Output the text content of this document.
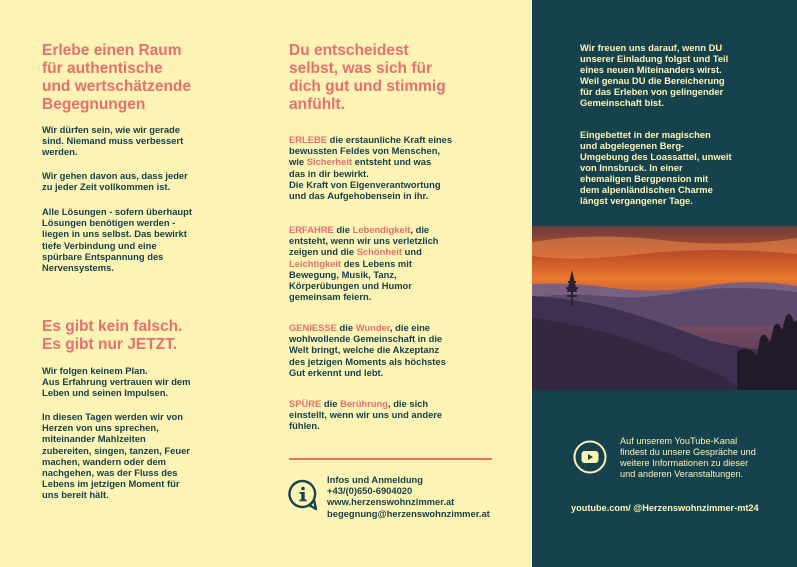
Erlebe einen Raum
für authentische
und wertschätzende
Begegnungen

Wir dürfen sein, wie wir gerade
sind. Niemand muss verbessert
werden.

Wir gehen davon aus, dass jeder
zu jeder Zeit vollkommen ist.

Alle Lösungen - sofern überhaupt
Lösungen benötigen werden -
liegen in uns selbst. Das bewirkt
tiefe Verbindung und eine
spürbare Entspannung des
Nervensystems.

Es gibt kein falsch.
Es gibt nur JETZT.

Wir folgen keinem Plan.
Aus Erfahrung vertrauen wir dem
Leben und seinen Impulsen.

In diesen Tagen werden wir von
Herzen von uns sprechen,
miteinander Mahlzeiten
zubereiten, singen, tanzen, Feuer
machen, wandern oder dem
nachgehen, was der Fluss des
Lebens im jetzigen Moment für
uns bereit hält.

Du entscheidest
selbst, was sich für
dich gut und stimmig
anfühlt.

ERLEBE die erstaunliche Kraft eines
bewussten Feldes von Menschen,
wie Sicherheit entsteht und was
das in dir bewirkt.
Die Kraft von Eigenverantwortung
und das Aufgehobensein in ihr.

ERFAHRE die Lebendigkeit, die
entsteht, wenn wir uns verletzlich
zeigen und die Schönheit und
Leichtigkeit des Lebens mit
Bewegung, Musik, Tanz,
Körperübungen und Humor
gemeinsam feiern.

GENIESSE die Wunder, die eine
wohlwollende Gemeinschaft in die
Welt bringt, welche die Akzeptanz
des jetzigen Moments als höchstes
Gut erkennt und lebt.

SPÜRE die Berührung, die sich
einstellt, wenn wir uns und andere
fühlen.

Infos und Anmeldung
+43/(0)650-6904020
www.herzenswohnzimmer.at
begegnung@herzenswohnzimmer.at

Wir freuen uns darauf, wenn DU
unserer Einladung folgst und Teil
eines neuen Miteinanders wirst.
Weil genau DU die Bereicherung
für das Erleben von gelingender
Gemeinschaft bist.

Eingebettet in der magischen
und abgelegenen Berg-
Umgebung des Loassattel, unweit
von Innsbruck. In einer
ehemaligen Bergpension mit
dem alpenländischen Charme
längst vergangener Tage.

Auf unserem YouTube-Kanal
findest du unsere Gespräche und
weitere Informationen zu dieser
und anderen Veranstaltungen.

youtube.com/ @Herzenswohnzimmer-mt24
